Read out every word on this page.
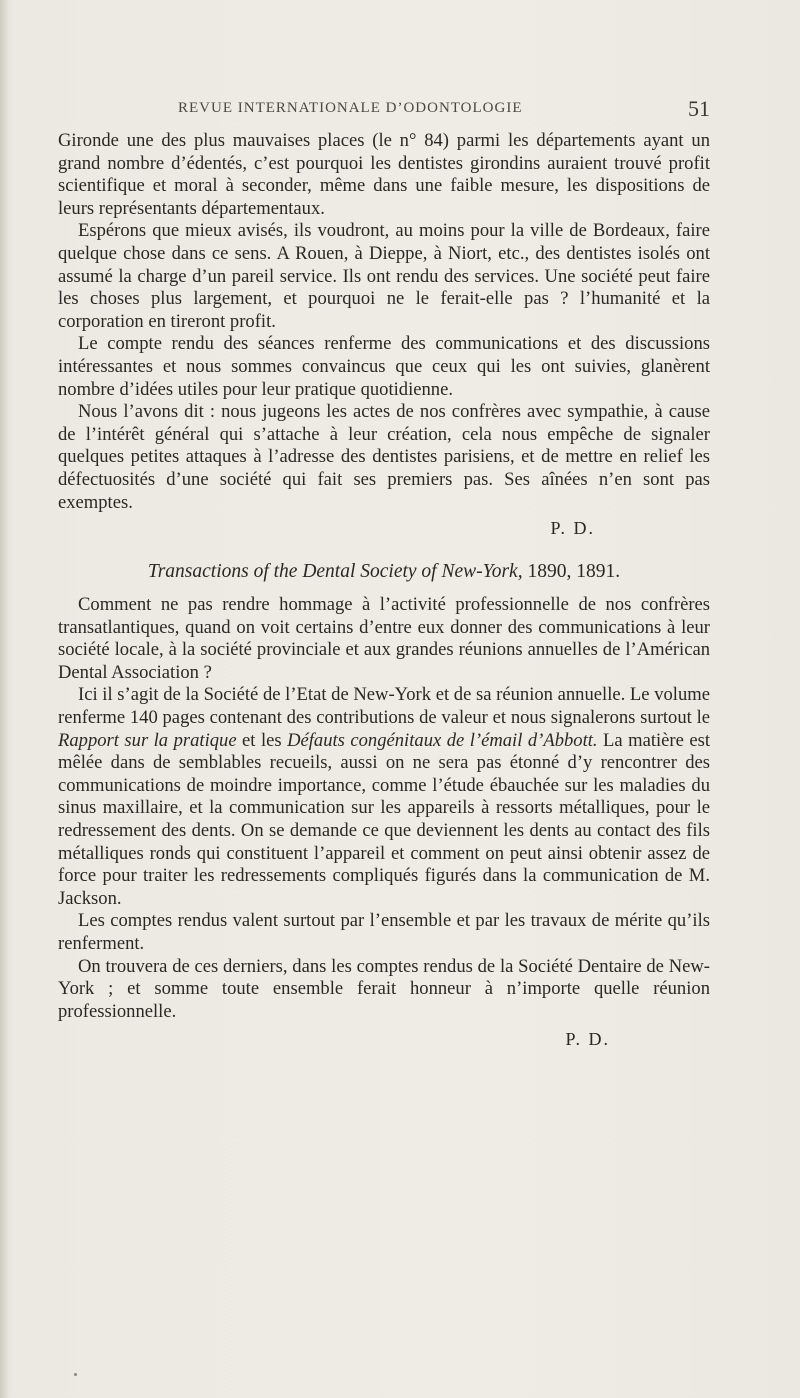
REVUE INTERNATIONALE D’ODONTOLOGIE	51

Gironde une des plus mauvaises places (le n° 84) parmi les départements ayant un grand nombre d’édentés, c’est pourquoi les dentistes girondins auraient trouvé profit scientifique et moral à seconder, même dans une faible mesure, les dispositions de leurs représentants départementaux.

Espérons que mieux avisés, ils voudront, au moins pour la ville de Bordeaux, faire quelque chose dans ce sens. A Rouen, à Dieppe, à Niort, etc., des dentistes isolés ont assumé la charge d’un pareil service. Ils ont rendu des services. Une société peut faire les choses plus largement, et pourquoi ne le ferait-elle pas ? l’humanité et la corporation en tireront profit.

Le compte rendu des séances renferme des communications et des discussions intéressantes et nous sommes convaincus que ceux qui les ont suivies, glanèrent nombre d’idées utiles pour leur pratique quotidienne.

Nous l’avons dit : nous jugeons les actes de nos confrères avec sympathie, à cause de l’intérêt général qui s’attache à leur création, cela nous empêche de signaler quelques petites attaques à l’adresse des dentistes parisiens, et de mettre en relief les défectuosités d’une société qui fait ses premiers pas. Ses aînées n’en sont pas exemptes.

P. D.

Transactions of the Dental Society of New-York, 1890, 1891.

Comment ne pas rendre hommage à l’activité professionnelle de nos confrères transatlantiques, quand on voit certains d’entre eux donner des communications à leur société locale, à la société provinciale et aux grandes réunions annuelles de l’Américan Dental Association ?

Ici il s’agit de la Société de l’Etat de New-York et de sa réunion annuelle. Le volume renferme 140 pages contenant des contributions de valeur et nous signalerons surtout le Rapport sur la pratique et les Défauts congénitaux de l’émail d’Abbott. La matière est mêlée dans de semblables recueils, aussi on ne sera pas étonné d’y rencontrer des communications de moindre importance, comme l’étude ébauchée sur les maladies du sinus maxillaire, et la communication sur les appareils à ressorts métalliques, pour le redressement des dents. On se demande ce que deviennent les dents au contact des fils métalliques ronds qui constituent l’appareil et comment on peut ainsi obtenir assez de force pour traiter les redressements compliqués figurés dans la communication de M. Jackson.

Les comptes rendus valent surtout par l’ensemble et par les travaux de mérite qu’ils renferment.

On trouvera de ces derniers, dans les comptes rendus de la Société Dentaire de New-York ; et somme toute ensemble ferait honneur à n’importe quelle réunion professionnelle.

P. D.
